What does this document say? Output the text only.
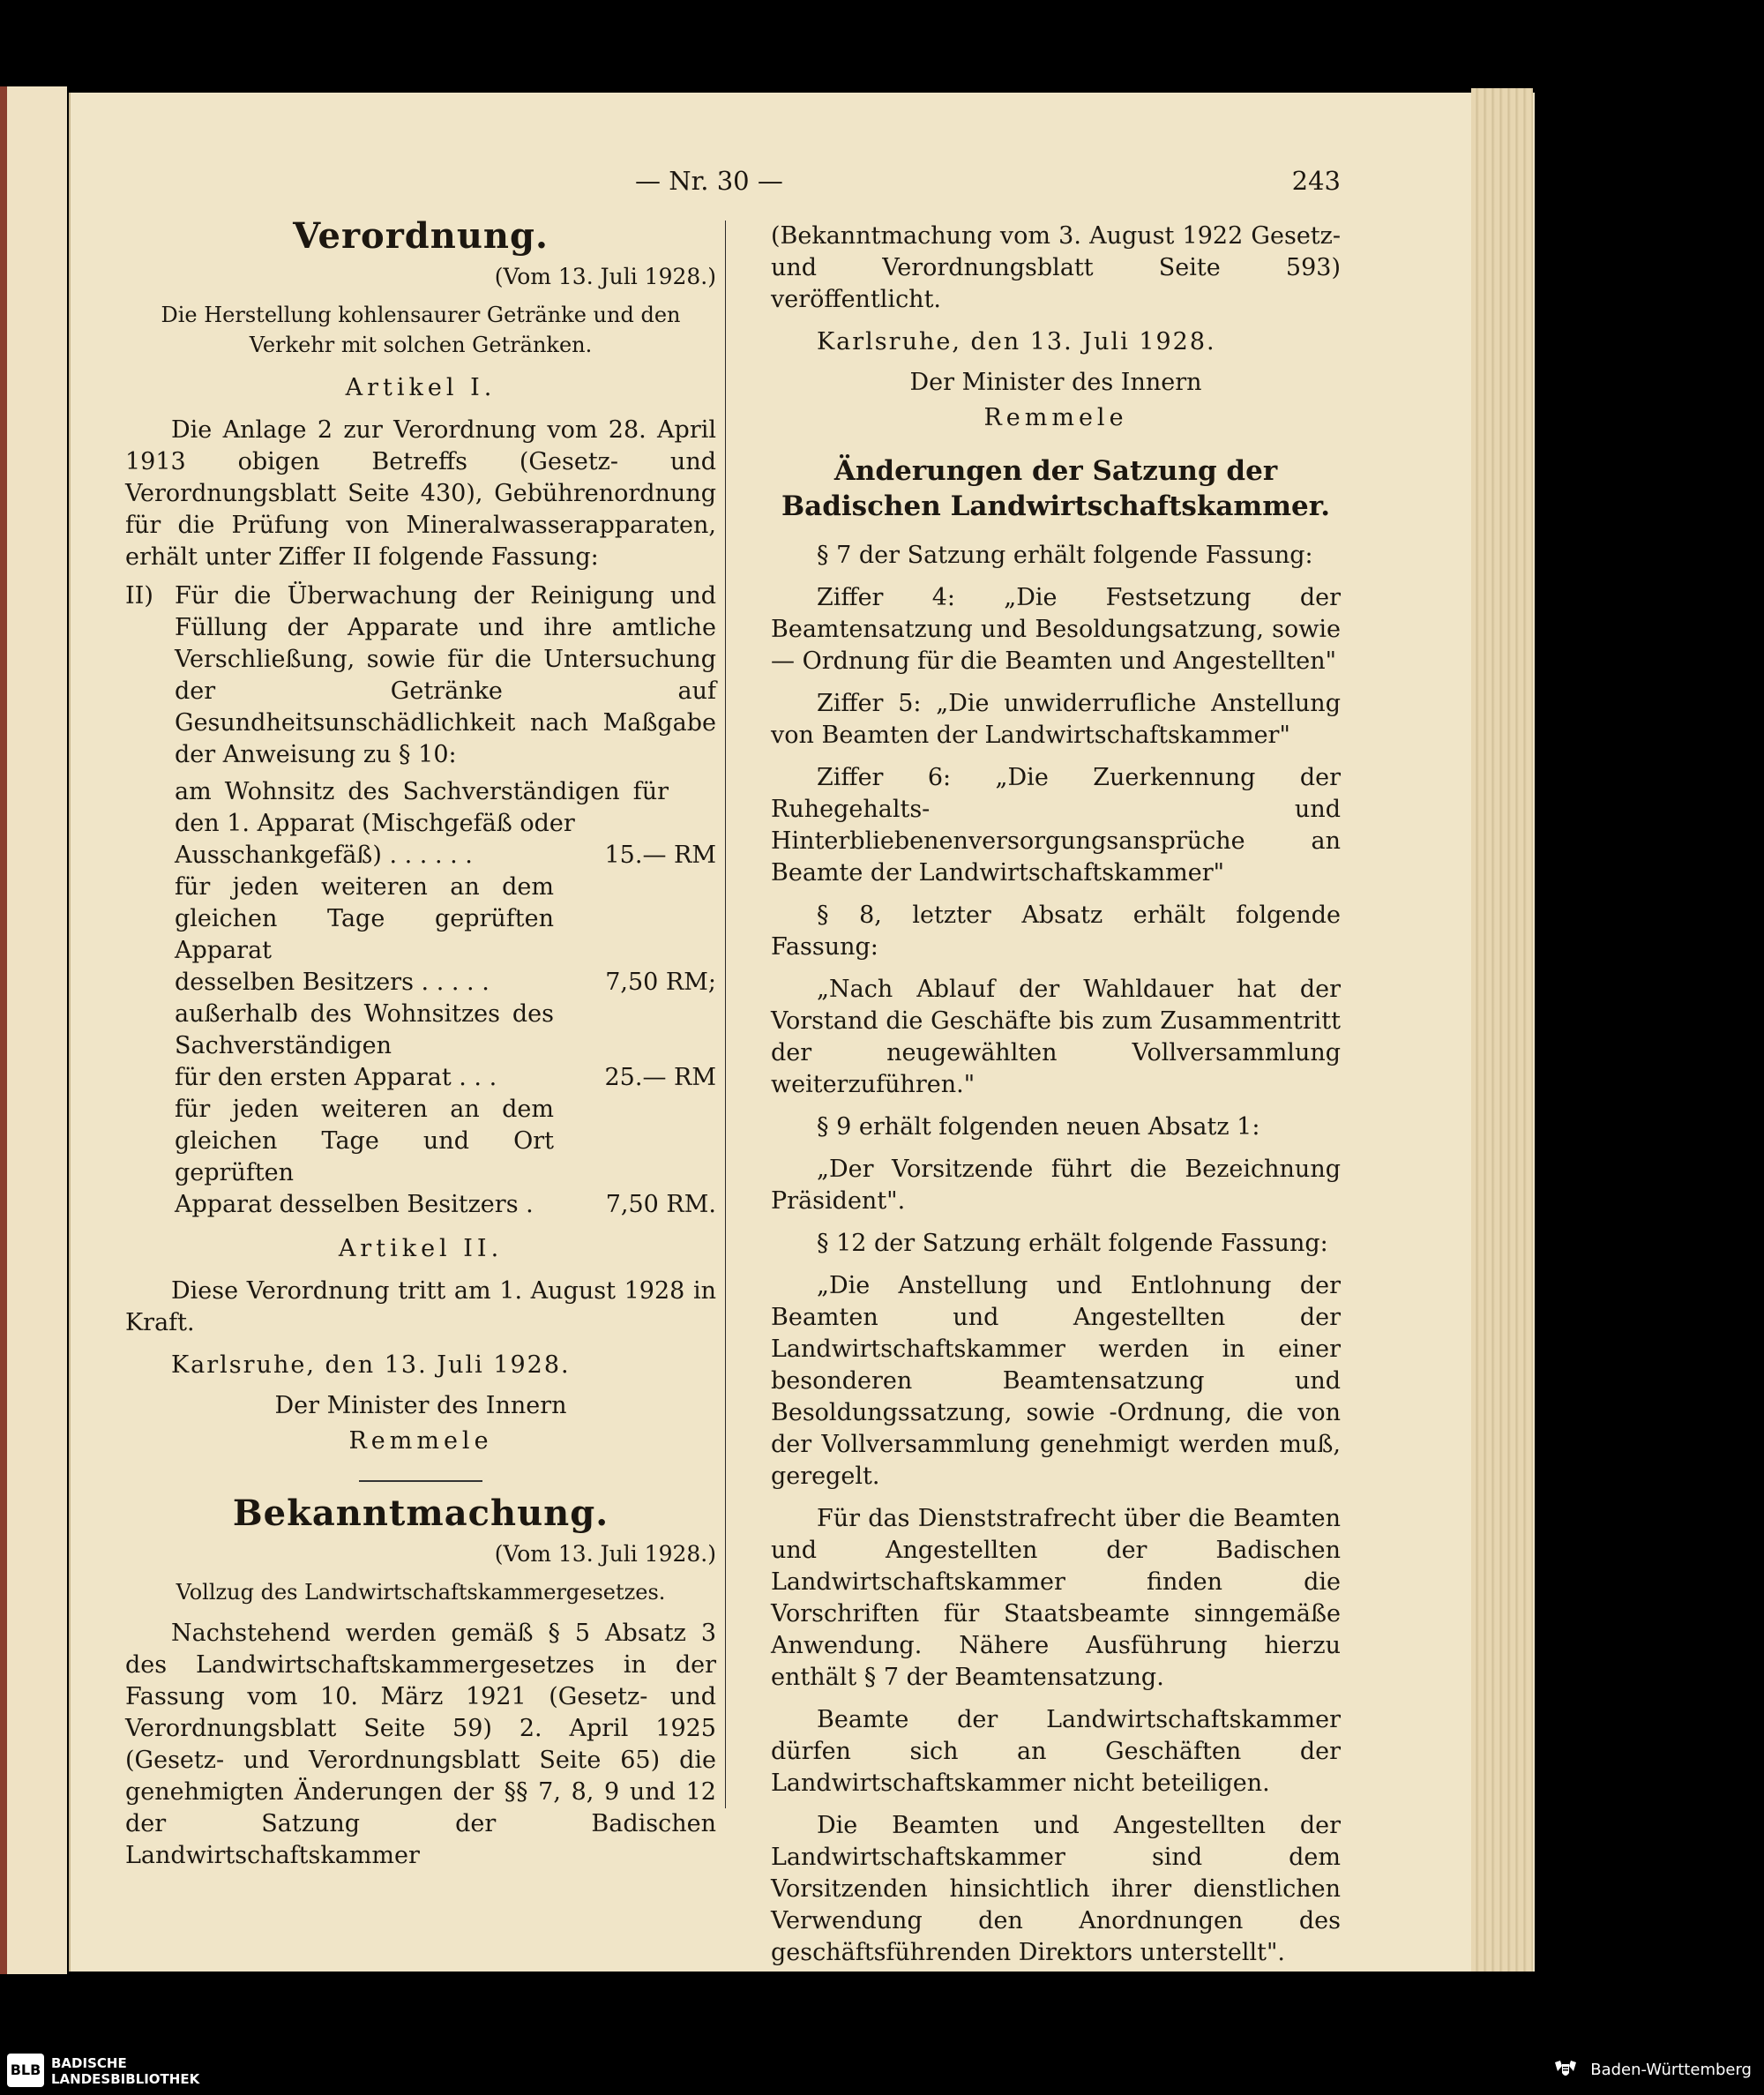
— Nr. 30 —	243
Verordnung.
(Vom 13. Juli 1928.)
Die Herstellung kohlensaurer Getränke und den Verkehr mit solchen Getränken.
Artikel I.

Die Anlage 2 zur Verordnung vom 28. April 1913 obigen Betreffs (Gesetz- und Verordnungsblatt Seite 430), Gebührenordnung für die Prüfung von Mineralwasserapparaten, erhält unter Ziffer II folgende Fassung:

II) Für die Überwachung der Reinigung und Füllung der Apparate und ihre amtliche Verschließung, sowie für die Untersuchung der Getränke auf Gesundheitsunschädlichkeit nach Maßgabe der Anweisung zu § 10:
am Wohnsitz des Sachverständigen für den 1. Apparat (Mischgefäß oder
Ausschankgefäß) . . . . . .	15.— RM
für jeden weiteren an dem gleichen Tage geprüften Apparat
desselben Besitzers . . . . .	7,50 RM;
außerhalb des Wohnsitzes des Sachverständigen
für den ersten Apparat . . .	25.— RM
für jeden weiteren an dem gleichen Tage und Ort geprüften
Apparat desselben Besitzers .	7,50 RM.
Artikel II.

Diese Verordnung tritt am 1. August 1928 in Kraft.

Karlsruhe, den 13. Juli 1928.

Der Minister des Innern
Remmele
Bekanntmachung.
(Vom 13. Juli 1928.)
Vollzug des Landwirtschaftskammergesetzes.

Nachstehend werden gemäß § 5 Absatz 3 des Landwirtschaftskammergesetzes in der Fassung vom 10. März 1921 (Gesetz- und Verordnungsblatt Seite 59) 2. April 1925 (Gesetz- und Verordnungsblatt Seite 65) die genehmigten Änderungen der §§ 7, 8, 9 und 12 der Satzung der Badischen Landwirtschaftskammer

(Bekanntmachung vom 3. August 1922 Gesetz- und Verordnungsblatt Seite 593) veröffentlicht.

Karlsruhe, den 13. Juli 1928.

Der Minister des Innern
Remmele
Änderungen der Satzung der Badischen Landwirtschaftskammer.

§ 7 der Satzung erhält folgende Fassung:

Ziffer 4: „Die Festsetzung der Beamtensatzung und Besoldungsatzung, sowie — Ordnung für die Beamten und Angestellten"

Ziffer 5: „Die unwiderrufliche Anstellung von Beamten der Landwirtschaftskammer"

Ziffer 6: „Die Zuerkennung der Ruhegehalts- und Hinterbliebenenversorgungsansprüche an Beamte der Landwirtschaftskammer"

§ 8, letzter Absatz erhält folgende Fassung:

„Nach Ablauf der Wahldauer hat der Vorstand die Geschäfte bis zum Zusammentritt der neugewählten Vollversammlung weiterzuführen."

§ 9 erhält folgenden neuen Absatz 1:

„Der Vorsitzende führt die Bezeichnung Präsident".

§ 12 der Satzung erhält folgende Fassung:

„Die Anstellung und Entlohnung der Beamten und Angestellten der Landwirtschaftskammer werden in einer besonderen Beamtensatzung und Besoldungssatzung, sowie -Ordnung, die von der Vollversammlung genehmigt werden muß, geregelt.

Für das Dienststrafrecht über die Beamten und Angestellten der Badischen Landwirtschaftskammer finden die Vorschriften für Staatsbeamte sinngemäße Anwendung. Nähere Ausführung hierzu enthält § 7 der Beamtensatzung.

Beamte der Landwirtschaftskammer dürfen sich an Geschäften der Landwirtschaftskammer nicht beteiligen.

Die Beamten und Angestellten der Landwirtschaftskammer sind dem Vorsitzenden hinsichtlich ihrer dienstlichen Verwendung den Anordnungen des geschäftsführenden Direktors unterstellt".

BLB BADISCHE
LANDESBIBLIOTHEK	Baden-Württemberg
